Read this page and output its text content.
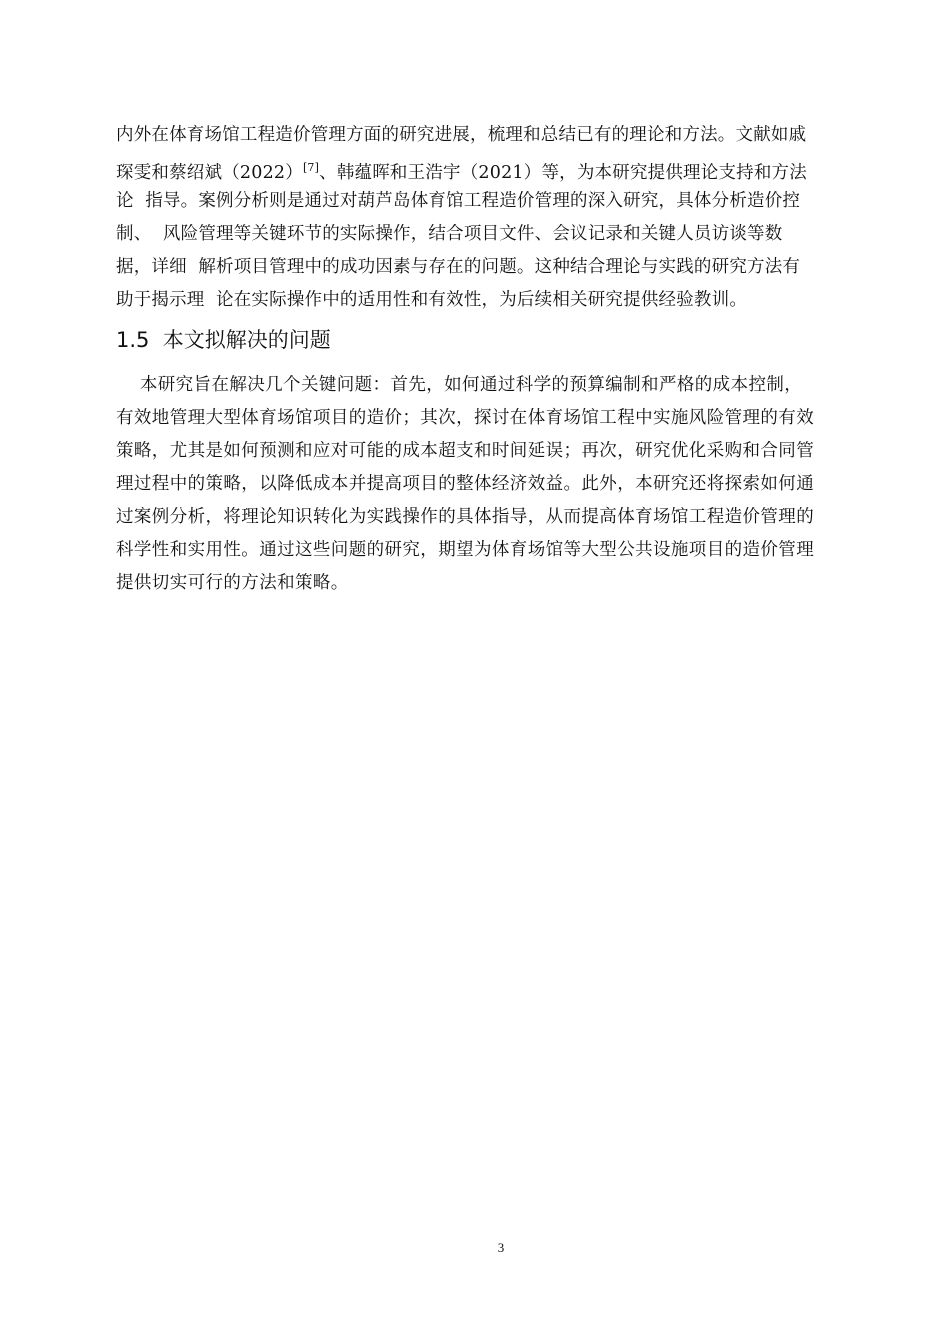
内外在体育场馆工程造价管理方面的研究进展，梳理和总结已有的理论和方法。文献如戚
琛雯和蔡绍斌（2022）[7]、韩蕴晖和王浩宇（2021）等，为本研究提供理论支持和方法
论  指导。案例分析则是通过对葫芦岛体育馆工程造价管理的深入研究，具体分析造价控
制、  风险管理等关键环节的实际操作，结合项目文件、会议记录和关键人员访谈等数
据，详细  解析项目管理中的成功因素与存在的问题。这种结合理论与实践的研究方法有
助于揭示理  论在实际操作中的适用性和有效性，为后续相关研究提供经验教训。
1.5 本文拟解决的问题
本研究旨在解决几个关键问题：首先，如何通过科学的预算编制和严格的成本控制，
有效地管理大型体育场馆项目的造价；其次，探讨在体育场馆工程中实施风险管理的有效
策略，尤其是如何预测和应对可能的成本超支和时间延误；再次，研究优化采购和合同管
理过程中的策略，以降低成本并提高项目的整体经济效益。此外，本研究还将探索如何通
过案例分析，将理论知识转化为实践操作的具体指导，从而提高体育场馆工程造价管理的
科学性和实用性。通过这些问题的研究，期望为体育场馆等大型公共设施项目的造价管理
提供切实可行的方法和策略。
3
